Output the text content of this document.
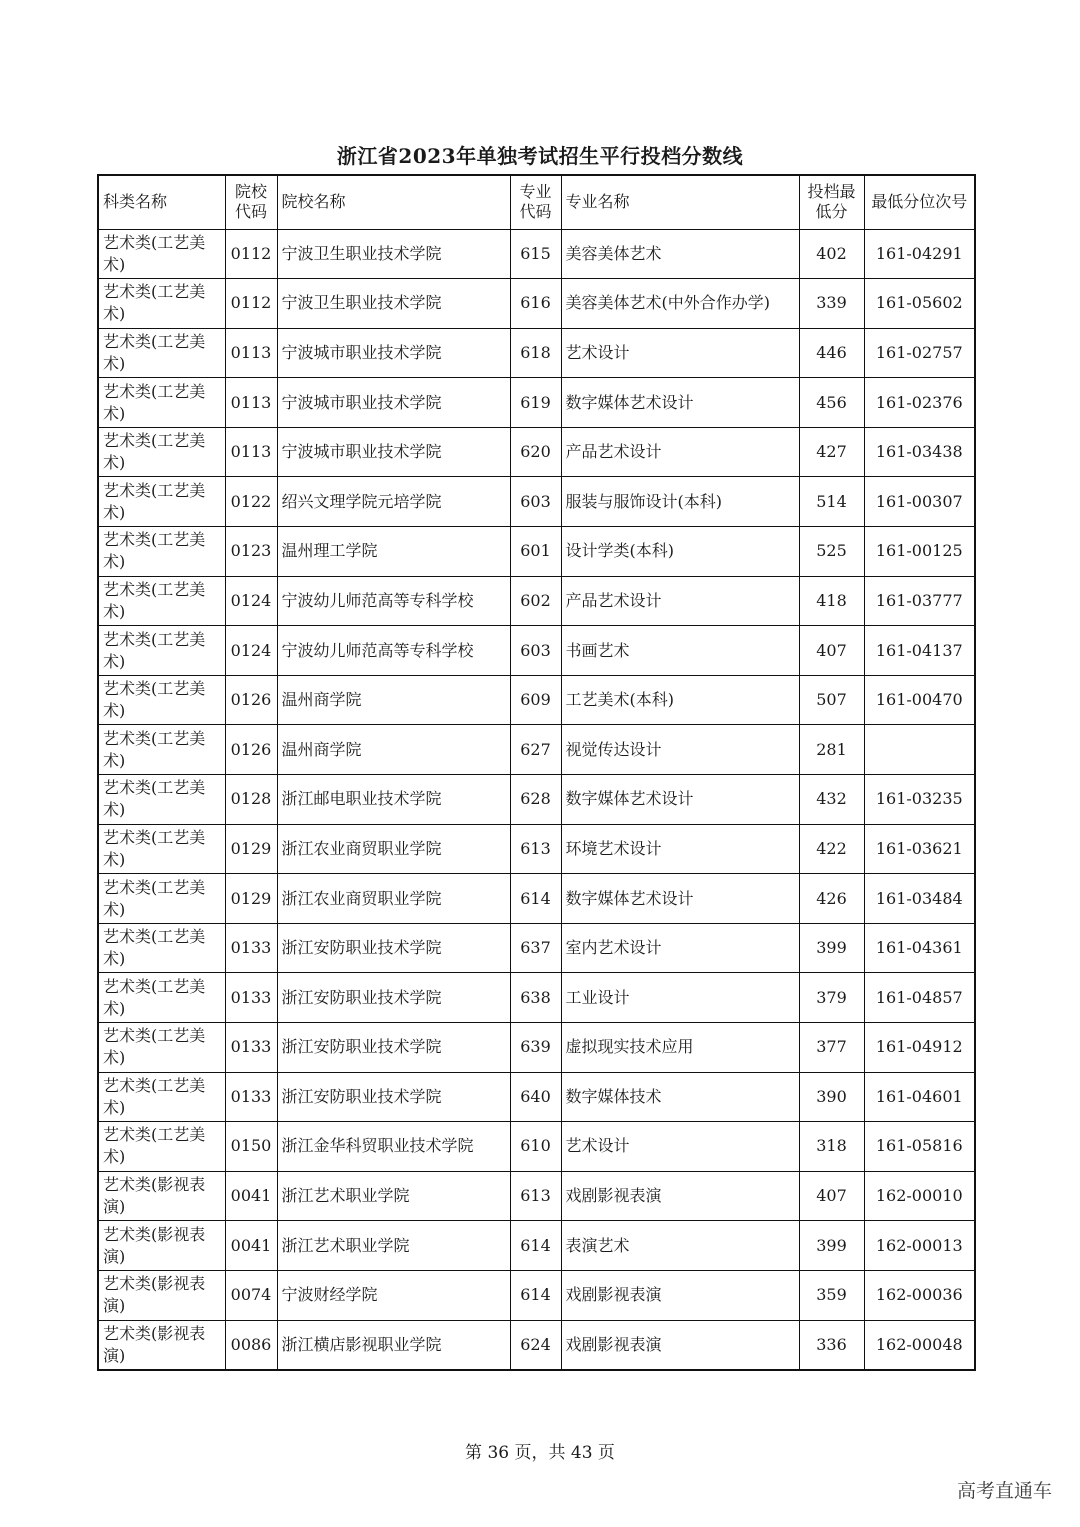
浙江省2023年单独考试招生平行投档分数线
科类名称	院校代码	院校名称	专业代码	专业名称	投档最低分	最低分位次号
艺术类(工艺美术)	0112	宁波卫生职业技术学院	615	美容美体艺术	402	161-04291
艺术类(工艺美术)	0112	宁波卫生职业技术学院	616	美容美体艺术(中外合作办学)	339	161-05602
艺术类(工艺美术)	0113	宁波城市职业技术学院	618	艺术设计	446	161-02757
艺术类(工艺美术)	0113	宁波城市职业技术学院	619	数字媒体艺术设计	456	161-02376
艺术类(工艺美术)	0113	宁波城市职业技术学院	620	产品艺术设计	427	161-03438
艺术类(工艺美术)	0122	绍兴文理学院元培学院	603	服装与服饰设计(本科)	514	161-00307
艺术类(工艺美术)	0123	温州理工学院	601	设计学类(本科)	525	161-00125
艺术类(工艺美术)	0124	宁波幼儿师范高等专科学校	602	产品艺术设计	418	161-03777
艺术类(工艺美术)	0124	宁波幼儿师范高等专科学校	603	书画艺术	407	161-04137
艺术类(工艺美术)	0126	温州商学院	609	工艺美术(本科)	507	161-00470
艺术类(工艺美术)	0126	温州商学院	627	视觉传达设计	281	
艺术类(工艺美术)	0128	浙江邮电职业技术学院	628	数字媒体艺术设计	432	161-03235
艺术类(工艺美术)	0129	浙江农业商贸职业学院	613	环境艺术设计	422	161-03621
艺术类(工艺美术)	0129	浙江农业商贸职业学院	614	数字媒体艺术设计	426	161-03484
艺术类(工艺美术)	0133	浙江安防职业技术学院	637	室内艺术设计	399	161-04361
艺术类(工艺美术)	0133	浙江安防职业技术学院	638	工业设计	379	161-04857
艺术类(工艺美术)	0133	浙江安防职业技术学院	639	虚拟现实技术应用	377	161-04912
艺术类(工艺美术)	0133	浙江安防职业技术学院	640	数字媒体技术	390	161-04601
艺术类(工艺美术)	0150	浙江金华科贸职业技术学院	610	艺术设计	318	161-05816
艺术类(影视表演)	0041	浙江艺术职业学院	613	戏剧影视表演	407	162-00010
艺术类(影视表演)	0041	浙江艺术职业学院	614	表演艺术	399	162-00013
艺术类(影视表演)	0074	宁波财经学院	614	戏剧影视表演	359	162-00036
艺术类(影视表演)	0086	浙江横店影视职业学院	624	戏剧影视表演	336	162-00048
第 36 页，共 43 页
高考直通车
